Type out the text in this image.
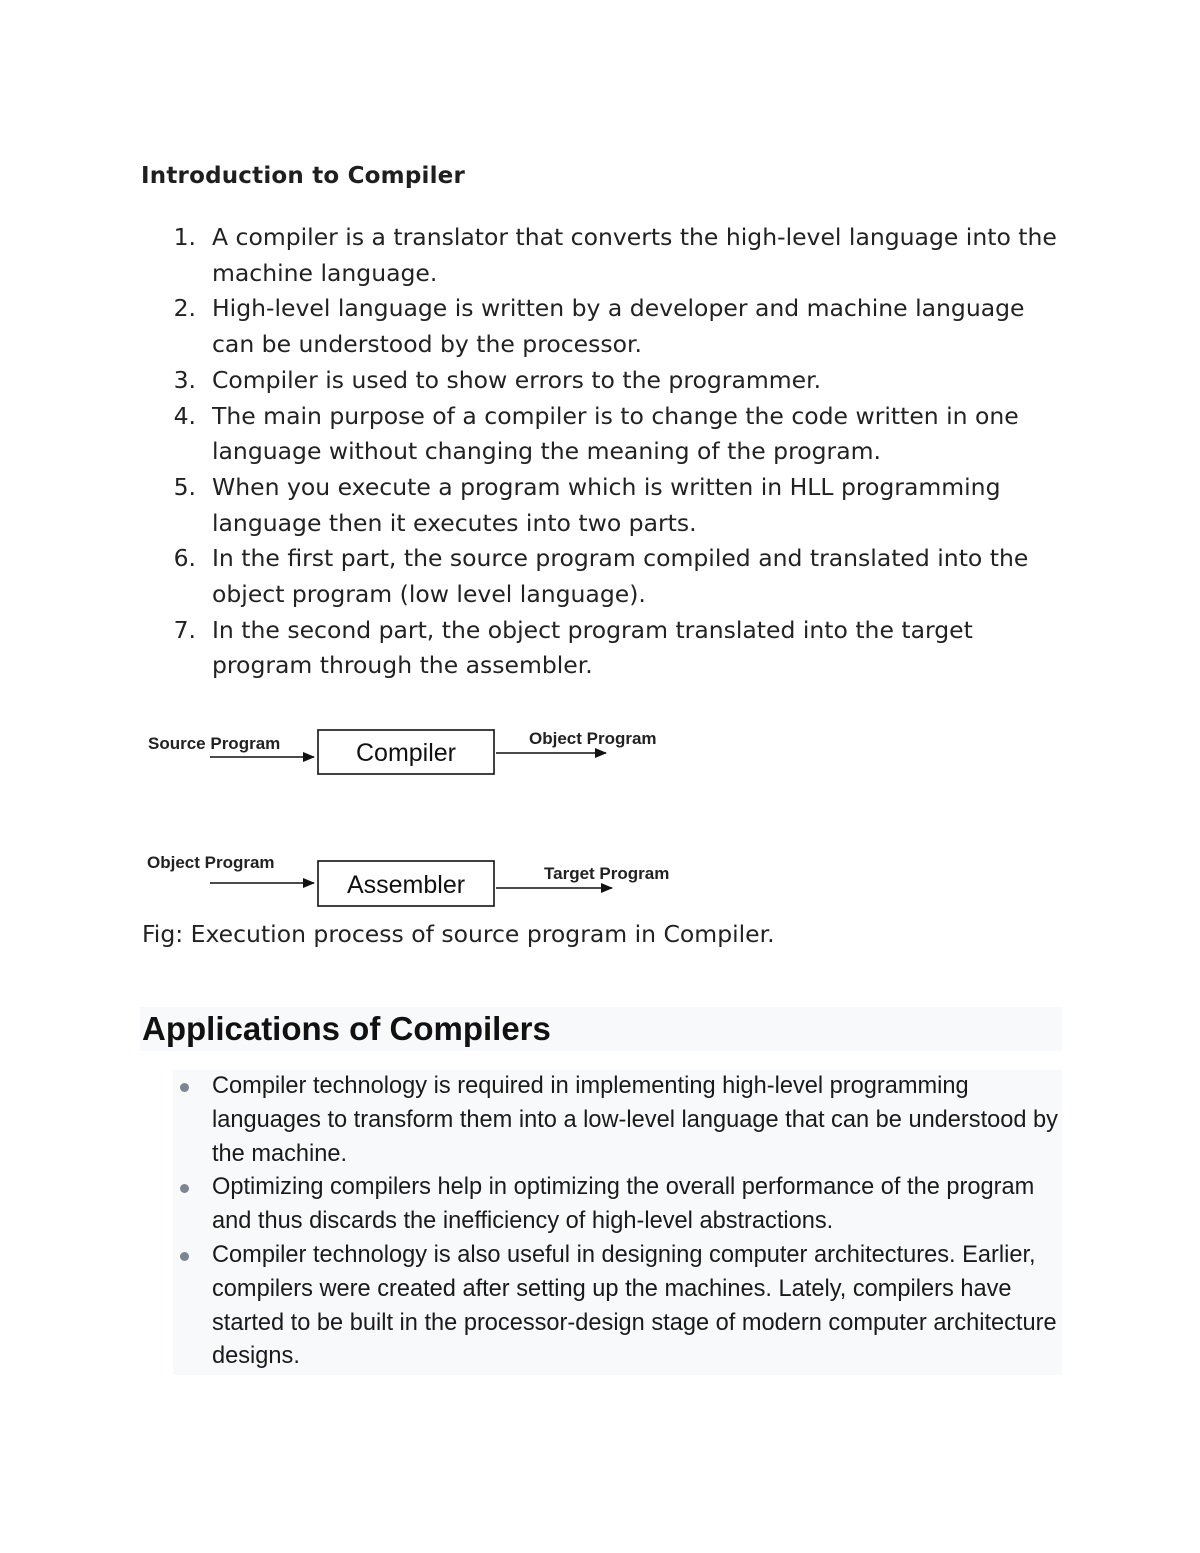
Introduction to Compiler
1. A compiler is a translator that converts the high-level language into the machine language.
2. High-level language is written by a developer and machine language can be understood by the processor.
3. Compiler is used to show errors to the programmer.
4. The main purpose of a compiler is to change the code written in one language without changing the meaning of the program.
5. When you execute a program which is written in HLL programming language then it executes into two parts.
6. In the first part, the source program compiled and translated into the object program (low level language).
7. In the second part, the object program translated into the target program through the assembler.
Source Program	Compiler
Object Program
Object Program
Assembler	Target Program

Fig: Execution process of source program in Compiler.

Applications of Compilers
Compiler technology is required in implementing high-level programming languages to transform them into a low-level language that can be understood by the machine.
Optimizing compilers help in optimizing the overall performance of the program and thus discards the inefficiency of high-level abstractions.
Compiler technology is also useful in designing computer architectures. Earlier, compilers were created after setting up the machines. Lately, compilers have started to be built in the processor-design stage of modern computer architecture designs.
